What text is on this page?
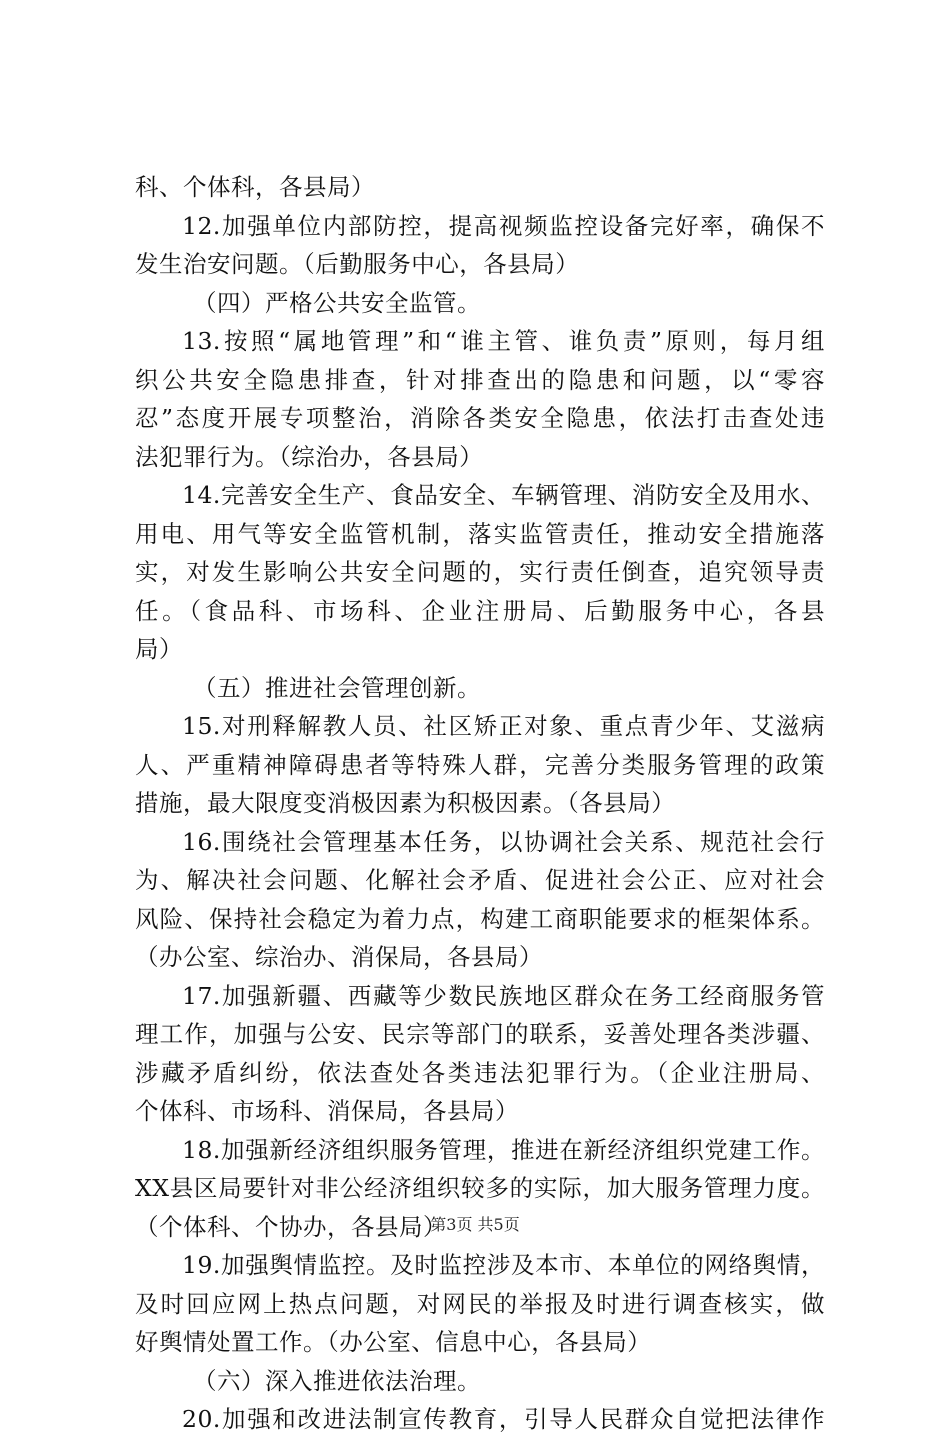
科、个体科，各县局）
12.加强单位内部防控，提高视频监控设备完好率，确保不
发生治安问题。（后勤服务中心，各县局）
（四）严格公共安全监管。
13.按照“属地管理”和“谁主管、谁负责”原则，每月组
织公共安全隐患排查，针对排查出的隐患和问题，以“零容
忍”态度开展专项整治，消除各类安全隐患，依法打击查处违
法犯罪行为。（综治办，各县局）
14.完善安全生产、食品安全、车辆管理、消防安全及用水、
用电、用气等安全监管机制，落实监管责任，推动安全措施落
实，对发生影响公共安全问题的，实行责任倒查，追究领导责
任。（食品科、市场科、企业注册局、后勤服务中心，各县
局）
（五）推进社会管理创新。
15.对刑释解教人员、社区矫正对象、重点青少年、艾滋病
人、严重精神障碍患者等特殊人群，完善分类服务管理的政策
措施，最大限度变消极因素为积极因素。（各县局）
16.围绕社会管理基本任务，以协调社会关系、规范社会行
为、解决社会问题、化解社会矛盾、促进社会公正、应对社会
风险、保持社会稳定为着力点，构建工商职能要求的框架体系。
（办公室、综治办、消保局，各县局）
17.加强新疆、西藏等少数民族地区群众在务工经商服务管
理工作，加强与公安、民宗等部门的联系，妥善处理各类涉疆、
涉藏矛盾纠纷，依法查处各类违法犯罪行为。（企业注册局、
个体科、市场科、消保局，各县局）
18.加强新经济组织服务管理，推进在新经济组织党建工作。
XX县区局要针对非公经济组织较多的实际，加大服务管理力度。
（个体科、个协办，各县局）
19.加强舆情监控。及时监控涉及本市、本单位的网络舆情，
及时回应网上热点问题，对网民的举报及时进行调查核实，做
好舆情处置工作。（办公室、信息中心，各县局）
（六）深入推进依法治理。
20.加强和改进法制宣传教育，引导人民群众自觉把法律作
第3页 共5页
